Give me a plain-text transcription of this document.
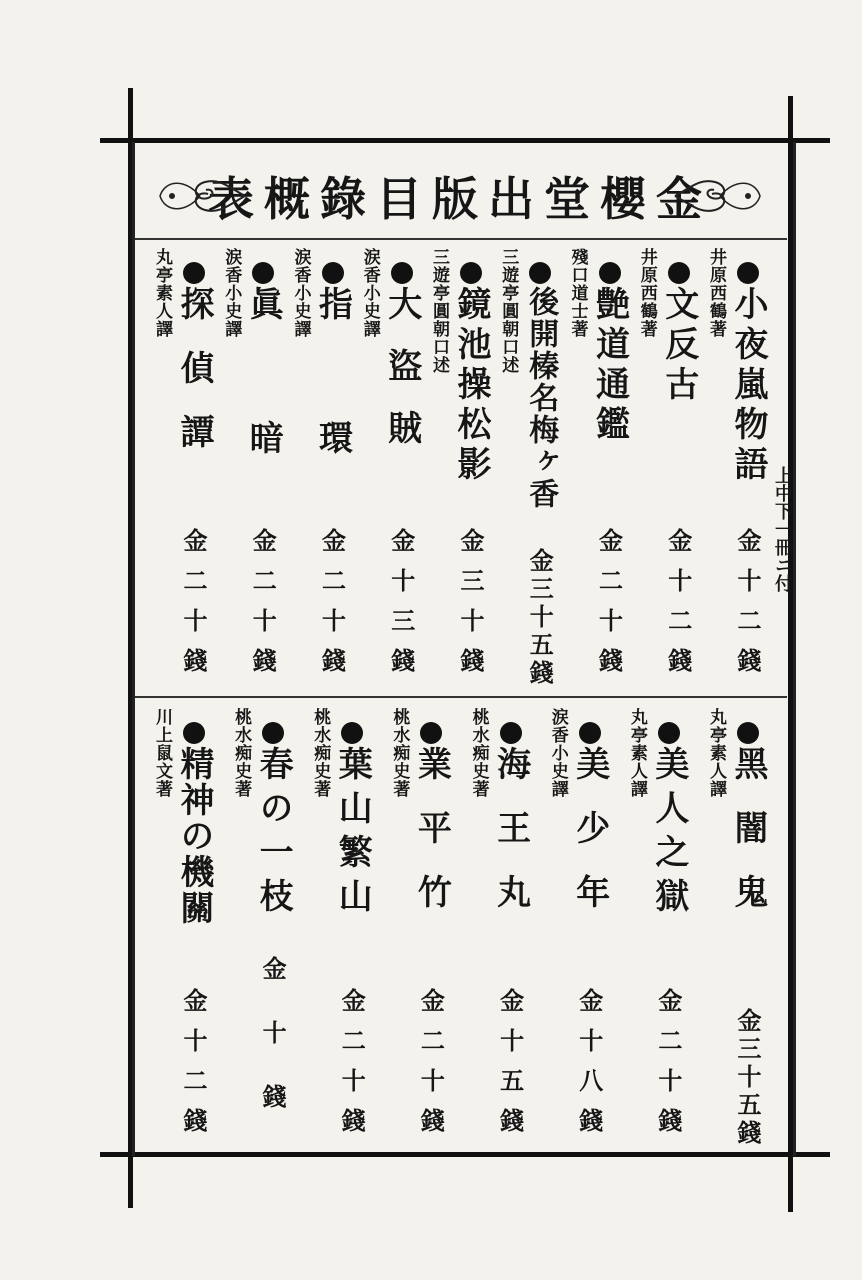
金櫻堂出版目錄概表
小夜嵐物語
上中下一冊ニ付
金十二錢
井原西鶴著
文反古
金十二錢
井原西鶴著
艶道通鑑
金二十錢
殘口道士著
後開榛名梅ヶ香
金三十五錢
三遊亭圓朝口述
鏡池操松影
金三十錢
三遊亭圓朝口述
大盜賊
金十三錢
涙香小史譯
指環
金二十錢
涙香小史譯
眞暗
金二十錢
涙香小史譯
探偵譚
金二十錢
丸亭素人譯
黑闇鬼
金三十五錢
丸亭素人譯
美人之獄
金二十錢
丸亭素人譯
美少年
金十八錢
涙香小史譯
海王丸
金十五錢
桃水痴史著
業平竹
金二十錢
桃水痴史著
葉山繁山
金二十錢
桃水痴史著
春の一枝
金十錢
桃水痴史著
精神の機關
金十二錢
川上鼠文著
